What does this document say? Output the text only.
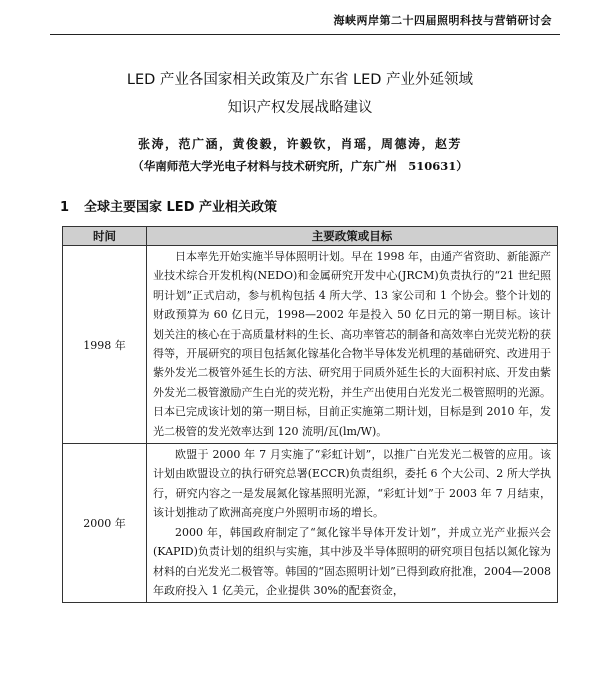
海峡两岸第二十四届照明科技与营销研讨会
LED 产业各国家相关政策及广东省 LED 产业外延领域
知识产权发展战略建议
张涛，范广涵，黄俊毅，许毅钦，肖瑶，周德涛，赵芳
（华南师范大学光电子材料与技术研究所，广东广州　510631）
1 全球主要国家 LED 产业相关政策
时间	主要政策或目标
1998 年	日本率先开始实施半导体照明计划。早在 1998 年，由通产省资助、新能源产业技术综合开发机构(NEDO)和金属研究开发中心(JRCM)负责执行的“21 世纪照明计划”正式启动，参与机构包括 4 所大学、13 家公司和 1 个协会。整个计划的财政预算为 60 亿日元，1998—2002 年是投入 50 亿日元的第一期目标。该计划关注的核心在于高质量材料的生长、高功率管芯的制备和高效率白光荧光粉的获得等，开展研究的项目包括氮化镓基化合物半导体发光机理的基础研究、改进用于紫外发光二极管外延生长的方法、研究用于同质外延生长的大面积衬底、开发由紫外发光二极管激励产生白光的荧光粉，并生产出使用白光发光二极管照明的光源。日本已完成该计划的第一期目标，目前正实施第二期计划，目标是到 2010 年，发光二极管的发光效率达到 120 流明/瓦(lm/W)。

2000 年	欧盟于 2000 年 7 月实施了“彩虹计划”，以推广白光发光二极管的应用。该计划由欧盟设立的执行研究总署(ECCR)负责组织，委托 6 个大公司、2 所大学执行，研究内容之一是发展氮化镓基照明光源，“彩虹计划”于 2003 年 7 月结束，该计划推动了欧洲高亮度户外照明市场的增长。

2000 年，韩国政府制定了“氮化镓半导体开发计划”，并成立光产业振兴会(KAPID)负责计划的组织与实施，其中涉及半导体照明的研究项目包括以氮化镓为材料的白光发光二极管等。韩国的“固态照明计划”已得到政府批准，2004—2008 年政府投入 1 亿美元，企业提供 30%的配套资金，
